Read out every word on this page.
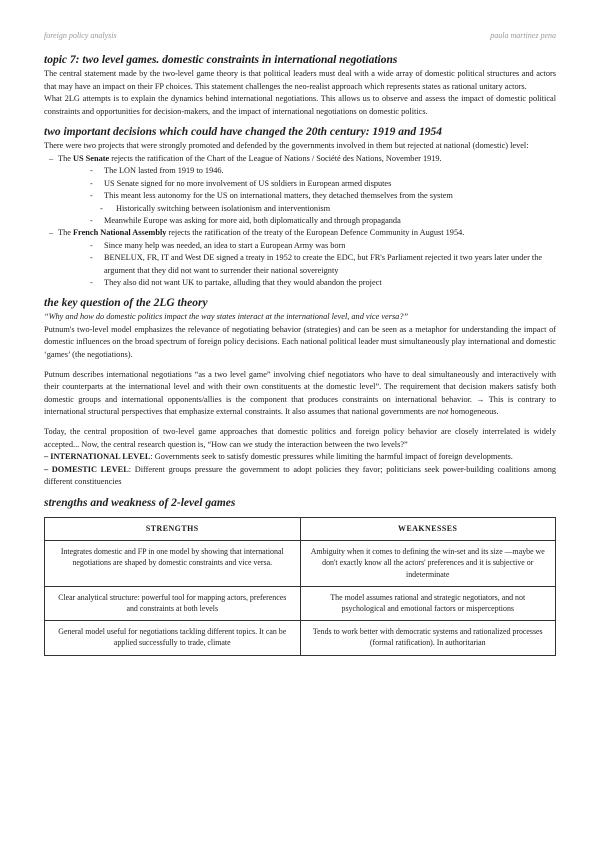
foreign policy analysis	paula martinez pena
topic 7: two level games. domestic constraints in international negotiations

The central statement made by the two-level game theory is that political leaders must deal with a wide array of domestic political structures and actors that may have an impact on their FP choices. This statement challenges the neo-realist approach which represents states as rational unitary actors.

What 2LG attempts is to explain the dynamics behind international negotiations. This allows us to observe and assess the impact of domestic political constraints and opportunities for decision-makers, and the impact of international negotiations on domestic politics.

two important decisions which could have changed the 20th century: 1919 and 1954

There were two projects that were strongly promoted and defended by the governments involved in them but rejected at national (domestic) level:

– The US Senate rejects the ratification of the Chart of the League of Nations / Société des Nations, November 1919.
- The LON lasted from 1919 to 1946.
- US Senate signed for no more involvement of US soldiers in European armed disputes
- This meant less autonomy for the US on international matters, they detached themselves from the system
- Historically switching between isolationism and interventionism
- Meanwhile Europe was asking for more aid, both diplomatically and through propaganda
– The French National Assembly rejects the ratification of the treaty of the European Defence Community in August 1954.
- Since many help was needed, an idea to start a European Army was born
- BENELUX, FR, IT and West DE signed a treaty in 1952 to create the EDC, but FR's Parliament rejected it two years later under the argument that they did not want to surrender their national sovereignty
- They also did not want UK to partake, alluding that they would abandon the project
the key question of the 2LG theory

“Why and how do domestic politics impact the way states interact at the international level, and vice versa?”

Putnum's two-level model emphasizes the relevance of negotiating behavior (strategies) and can be seen as a metaphor for understanding the impact of domestic influences on the broad spectrum of foreign policy decisions. Each national political leader must simultaneously play international and domestic ‘games’ (the negotiations).

Putnum describes international negotiations “as a two level game” involving chief negotiators who have to deal simultaneously and interactively with their counterparts at the international level and with their own constituents at the domestic level”. The requirement that decision makers satisfy both domestic groups and international opponents/allies is the component that produces constraints on international behavior. → This is contrary to international structural perspectives that emphasize external constraints. It also assumes that national governments are not homogeneous.

Today, the central proposition of two-level game approaches that domestic politics and foreign policy behavior are closely interrelated is widely accepted... Now, the central research question is, “How can we study the interaction between the two levels?”

– INTERNATIONAL LEVEL: Governments seek to satisfy domestic pressures while limiting the harmful impact of foreign developments.

– DOMESTIC LEVEL: Different groups pressure the government to adopt policies they favor; politicians seek power-building coalitions among different constituencies

strengths and weakness of 2-level games
STRENGTHS	WEAKNESSES
Integrates domestic and FP in one model by showing that international negotiations are shaped by domestic constraints and vice versa.	Ambiguity when it comes to defining the win-set and its size —maybe we don't exactly know all the actors' preferences and it is subjective or indeterminate
Clear analytical structure: powerful tool for mapping actors, preferences and constraints at both levels	The model assumes rational and strategic negotiators, and not psychological and emotional factors or misperceptions
General model useful for negotiations tackling different topics. It can be applied successfully to trade, climate	Tends to work better with democratic systems and rationalized processes (formal ratification). In authoritarian
